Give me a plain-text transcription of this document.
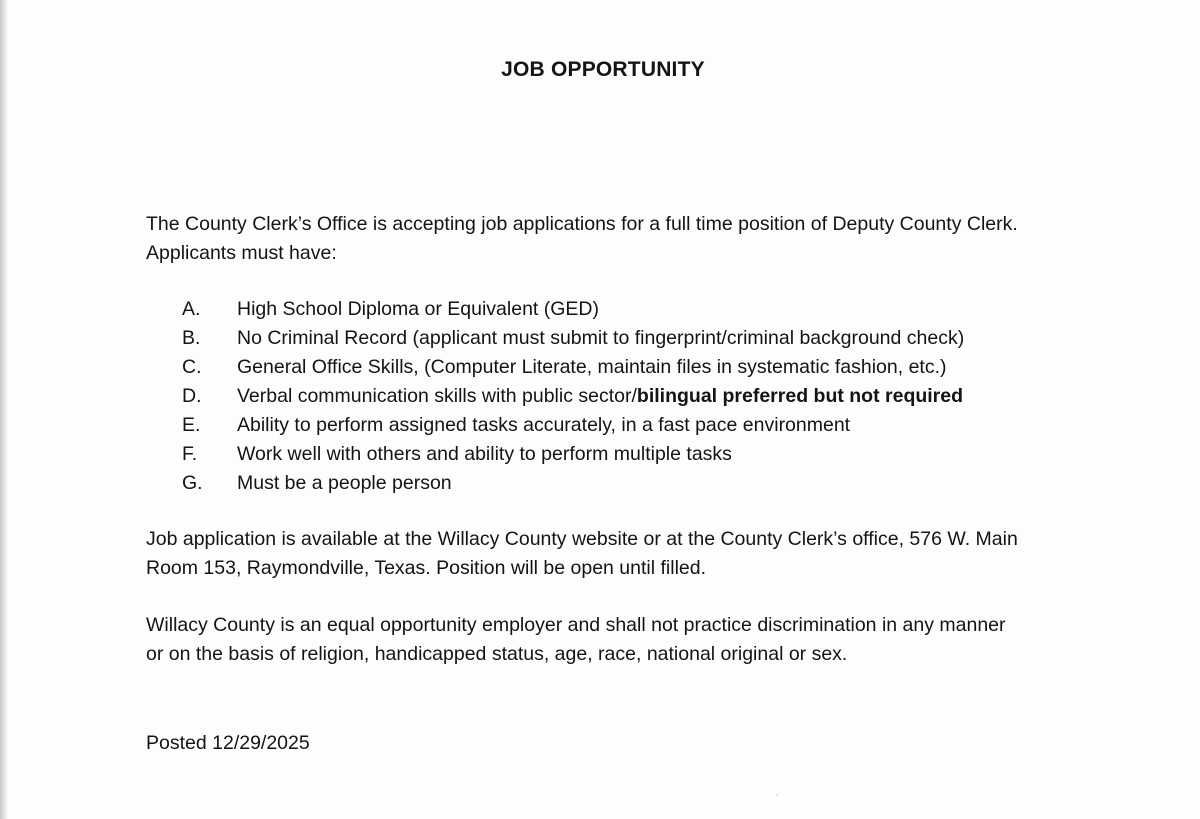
JOB OPPORTUNITY

The County Clerk’s Office is accepting job applications for a full time position of Deputy County Clerk.
Applicants must have:

A. High School Diploma or Equivalent (GED)
B. No Criminal Record (applicant must submit to fingerprint/criminal background check)
C. General Office Skills, (Computer Literate, maintain files in systematic fashion, etc.)
D. Verbal communication skills with public sector/bilingual preferred but not required
E. Ability to perform assigned tasks accurately, in a fast pace environment
F. Work well with others and ability to perform multiple tasks
G. Must be a people person

Job application is available at the Willacy County website or at the County Clerk’s office, 576 W. Main
Room 153, Raymondville, Texas. Position will be open until filled.

Willacy County is an equal opportunity employer and shall not practice discrimination in any manner
or on the basis of religion, handicapped status, age, race, national original or sex.

Posted 12/29/2025
